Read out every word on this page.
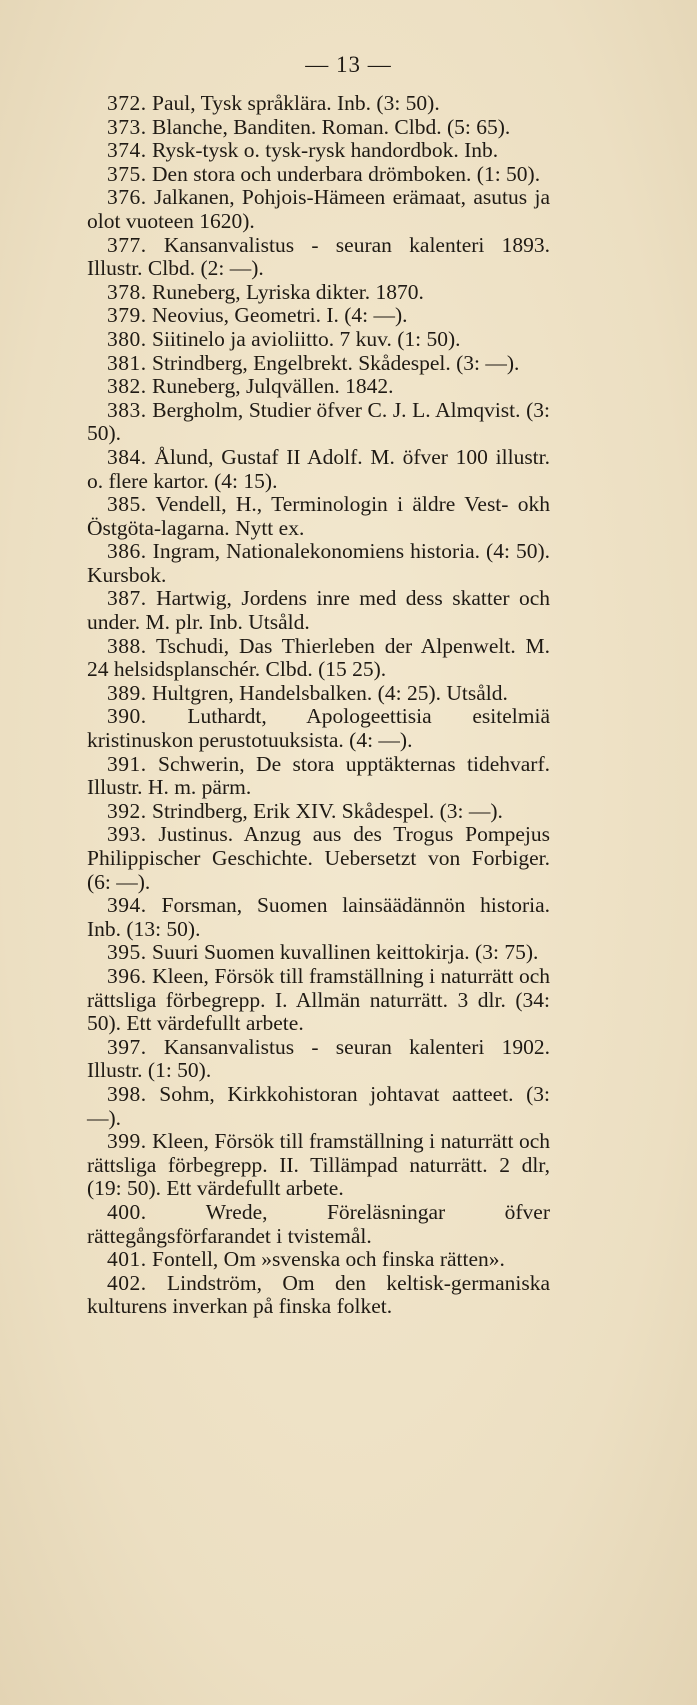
— 13 —

372. Paul, Tysk språklära. Inb. (3: 50).

373. Blanche, Banditen. Roman. Clbd. (5: 65).

374. Rysk-tysk o. tysk-rysk handordbok. Inb.

375. Den stora och underbara drömboken. (1: 50).

376. Jalkanen, Pohjois-Hämeen erämaat, asutus ja olot vuoteen 1620).

377. Kansanvalistus - seuran kalenteri 1893. Illustr. Clbd. (2: —).

378. Runeberg, Lyriska dikter. 1870.

379. Neovius, Geometri. I. (4: —).

380. Siitinelo ja avioliitto. 7 kuv. (1: 50).

381. Strindberg, Engelbrekt. Skådespel. (3: —).

382. Runeberg, Julqvällen. 1842.

383. Bergholm, Studier öfver C. J. L. Almqvist. (3: 50).

384. Ålund, Gustaf II Adolf. M. öfver 100 illustr. o. flere kartor. (4: 15).

385. Vendell, H., Terminologin i äldre Vest- okh Östgöta-lagarna. Nytt ex.

386. Ingram, Nationalekonomiens historia. (4: 50). Kursbok.

387. Hartwig, Jordens inre med dess skatter och under. M. plr. Inb. Utsåld.

388. Tschudi, Das Thierleben der Alpenwelt. M. 24 helsidsplanschér. Clbd. (15 25).

389. Hultgren, Handelsbalken. (4: 25). Utsåld.

390. Luthardt, Apologeettisia esitelmiä kristinuskon perustotuuksista. (4: —).

391. Schwerin, De stora upptäkternas tidehvarf. Illustr. H. m. pärm.

392. Strindberg, Erik XIV. Skådespel. (3: —).

393. Justinus. Anzug aus des Trogus Pompejus Philippischer Geschichte. Uebersetzt von Forbiger. (6: —).

394. Forsman, Suomen lainsäädännön historia. Inb. (13: 50).

395. Suuri Suomen kuvallinen keittokirja. (3: 75).

396. Kleen, Försök till framställning i naturrätt och rättsliga förbegrepp. I. Allmän naturrätt. 3 dlr. (34: 50). Ett värdefullt arbete.

397. Kansanvalistus - seuran kalenteri 1902. Illustr. (1: 50).

398. Sohm, Kirkkohistoran johtavat aatteet. (3: —).

399. Kleen, Försök till framställning i naturrätt och rättsliga förbegrepp. II. Tillämpad naturrätt. 2 dlr, (19: 50). Ett värdefullt arbete.

400.	Wrede, Föreläsningar öfver rättegångsförfarandet i tvistemål.

401. Fontell, Om »svenska och finska rätten».

402. Lindström, Om den keltisk-germaniska kulturens inverkan på finska folket.
